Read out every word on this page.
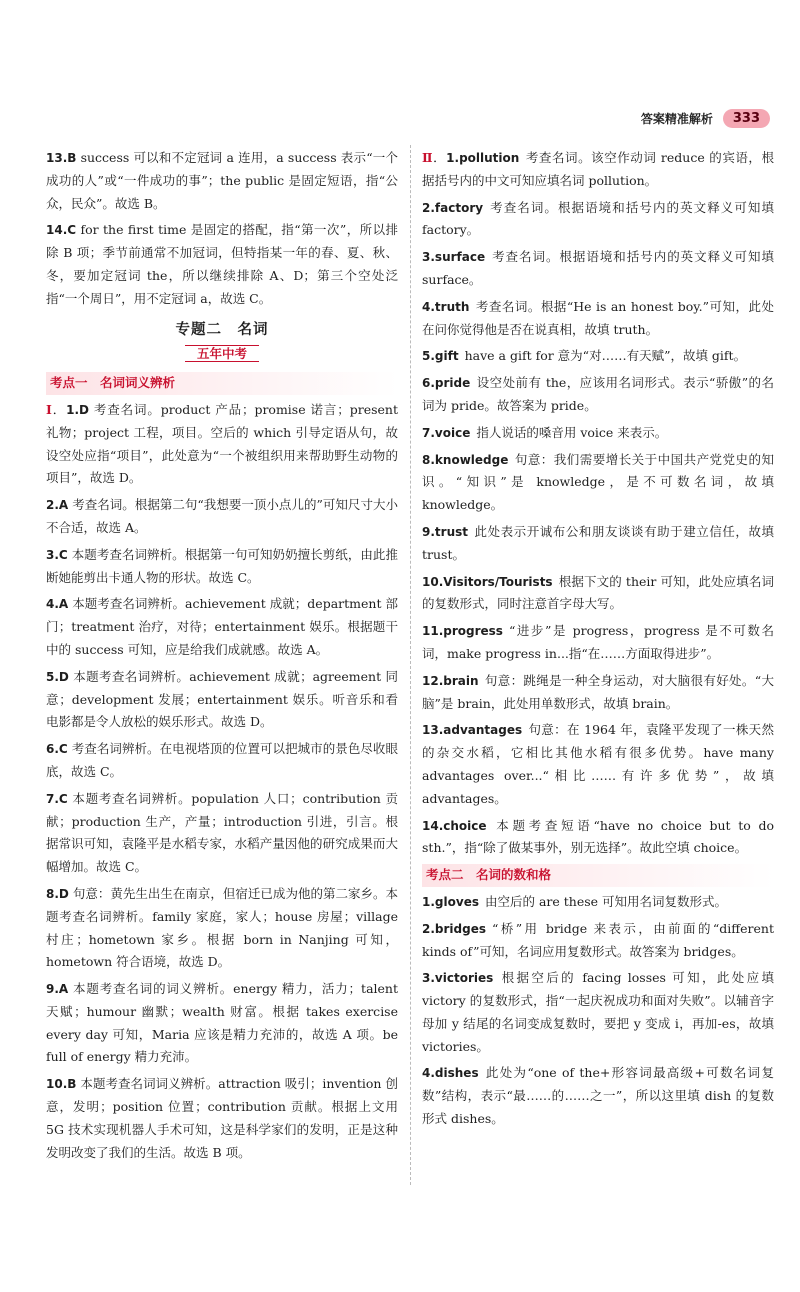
答案精准解析	333
13.B success 可以和不定冠词 a 连用，a success 表示“一个成功的人”或“一件成功的事”；the public 是固定短语，指“公众，民众”。故选 B。
14.C for the first time 是固定的搭配，指“第一次”，所以排除 B 项；季节前通常不加冠词，但特指某一年的春、夏、秋、冬，要加定冠词 the，所以继续排除 A、D；第三个空处泛指“一个周日”，用不定冠词 a，故选 C。
专题二　名词
五年中考
考点一　名词词义辨析
Ⅰ．1.D 考查名词。product 产品；promise 诺言；present 礼物；project 工程，项目。空后的 which 引导定语从句，故设空处应指“项目”，此处意为“一个被组织用来帮助野生动物的项目”，故选 D。
2.A 考查名词。根据第二句“我想要一顶小点儿的”可知尺寸大小不合适，故选 A。
3.C 本题考查名词辨析。根据第一句可知奶奶擅长剪纸，由此推断她能剪出卡通人物的形状。故选 C。
4.A 本题考查名词辨析。achievement 成就；department 部门；treatment 治疗，对待；entertainment 娱乐。根据题干中的 success 可知，应是给我们成就感。故选 A。
5.D 本题考查名词辨析。achievement 成就；agreement 同意；development 发展；entertainment 娱乐。听音乐和看电影都是令人放松的娱乐形式。故选 D。
6.C 考查名词辨析。在电视塔顶的位置可以把城市的景色尽收眼底，故选 C。
7.C 本题考查名词辨析。population 人口；contribution 贡献；production 生产，产量；introduction 引进，引言。根据常识可知，袁隆平是水稻专家，水稻产量因他的研究成果而大幅增加。故选 C。
8.D 句意：黄先生出生在南京，但宿迁已成为他的第二家乡。本题考查名词辨析。family 家庭，家人；house 房屋；village 村庄；hometown 家乡。根据 born in Nanjing 可知，hometown 符合语境，故选 D。
9.A 本题考查名词的词义辨析。energy 精力，活力；talent 天赋；humour 幽默；wealth 财富。根据 takes exercise every day 可知，Maria 应该是精力充沛的，故选 A 项。be full of energy 精力充沛。
10.B 本题考查名词词义辨析。attraction 吸引；invention 创意，发明；position 位置；contribution 贡献。根据上文用 5G 技术实现机器人手术可知，这是科学家们的发明，正是这种发明改变了我们的生活。故选 B 项。
Ⅱ．1.pollution 考查名词。该空作动词 reduce 的宾语，根据括号内的中文可知应填名词 pollution。
2.factory 考查名词。根据语境和括号内的英文释义可知填 factory。
3.surface 考查名词。根据语境和括号内的英文释义可知填 surface。
4.truth 考查名词。根据“He is an honest boy.”可知，此处在问你觉得他是否在说真相，故填 truth。
5.gift have a gift for 意为“对……有天赋”，故填 gift。
6.pride 设空处前有 the，应该用名词形式。表示“骄傲”的名词为 pride。故答案为 pride。
7.voice 指人说话的嗓音用 voice 来表示。
8.knowledge 句意：我们需要增长关于中国共产党党史的知识。“知识”是 knowledge，是不可数名词，故填 knowledge。
9.trust 此处表示开诚布公和朋友谈谈有助于建立信任，故填 trust。
10.Visitors/Tourists 根据下文的 their 可知，此处应填名词的复数形式，同时注意首字母大写。
11.progress “进步”是 progress，progress 是不可数名词，make progress in...指“在……方面取得进步”。
12.brain 句意：跳绳是一种全身运动，对大脑很有好处。“大脑”是 brain，此处用单数形式，故填 brain。
13.advantages 句意：在 1964 年，袁隆平发现了一株天然的杂交水稻，它相比其他水稻有很多优势。have many advantages over...“相比……有许多优势”，故填 advantages。
14.choice 本题考查短语“have no choice but to do sth.”，指“除了做某事外，别无选择”。故此空填 choice。
考点二　名词的数和格
1.gloves 由空后的 are these 可知用名词复数形式。
2.bridges “桥”用 bridge 来表示，由前面的“different kinds of”可知，名词应用复数形式。故答案为 bridges。
3.victories 根据空后的 facing losses 可知，此处应填 victory 的复数形式，指“一起庆祝成功和面对失败”。以辅音字母加 y 结尾的名词变成复数时，要把 y 变成 i，再加-es，故填 victories。
4.dishes 此处为“one of the+形容词最高级+可数名词复数”结构，表示“最……的……之一”，所以这里填 dish 的复数形式 dishes。
